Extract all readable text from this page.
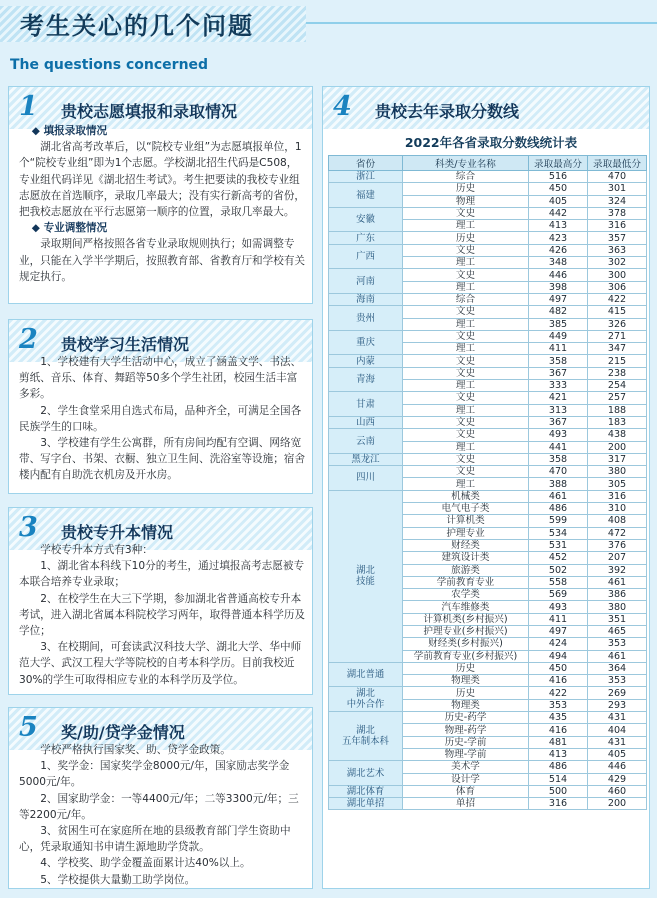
考生关心的几个问题
The questions concerned
1 贵校志愿填报和录取情况

◆ 填报录取情况

湖北省高考改革后，以“院校专业组”为志愿填报单位，1个“院校专业组”即为1个志愿。学校湖北招生代码是C508，专业组代码详见《湖北招生考试》。考生把要读的我校专业组志愿放在首选顺序，录取几率最大；没有实行新高考的省份，把我校志愿放在平行志愿第一顺序的位置，录取几率最大。

◆ 专业调整情况

录取期间严格按照各省专业录取规则执行；如需调整专业，只能在入学半学期后，按照教育部、省教育厅和学校有关规定执行。

2 贵校学习生活情况

1、学校建有大学生活动中心，成立了涵盖文学、书法、剪纸、音乐、体育、舞蹈等50多个学生社团，校园生活丰富多彩。

2、学生食堂采用自选式布局，品种齐全，可满足全国各民族学生的口味。

3、学校建有学生公寓群，所有房间均配有空调、网络宽带、写字台、书架、衣橱、独立卫生间、洗浴室等设施；宿舍楼内配有自助洗衣机房及开水房。

3 贵校专升本情况

学校专升本方式有3种：

1、湖北省本科线下10分的考生，通过填报高考志愿被专本联合培养专业录取；

2、在校学生在大三下学期，参加湖北省普通高校专升本考试，进入湖北省属本科院校学习两年，取得普通本科学历及学位；

3、在校期间，可套读武汉科技大学、湖北大学、华中师范大学、武汉工程大学等院校的自考本科学历。目前我校近30%的学生可取得相应专业的本科学历及学位。

5 奖/助/贷学金情况

学校严格执行国家奖、助、贷学金政策。

1、奖学金：国家奖学金8000元/年，国家励志奖学金5000元/年。

2、国家助学金：一等4400元/年；二等3300元/年；三等2200元/年。

3、贫困生可在家庭所在地的县级教育部门学生资助中心，凭录取通知书申请生源地助学贷款。

4、学校奖、助学金覆盖面累计达40%以上。

5、学校提供大量勤工助学岗位。

4 贵校去年录取分数线
2022年各省录取分数线统计表
省份	科类/专业名称	录取最高分	录取最低分
浙江	综合	516	470
福建	历史	450	301
	物理	405	324
安徽	文史	442	378
	理工	413	316
广东	历史	423	357
广西	文史	426	363
	理工	348	302
河南	文史	446	300
	理工	398	306
海南	综合	497	422
贵州	文史	482	415
	理工	385	326
重庆	文史	449	271
	理工	411	347
内蒙	文史	358	215
青海	文史	367	238
	理工	333	254
甘肃	文史	421	257
	理工	313	188
山西	文史	367	183
云南	文史	493	438
	理工	441	200
黑龙江	文史	358	317
四川	文史	470	380
	理工	388	305
湖北
技能	机械类	461	316
	电气电子类	486	310
	计算机类	599	408
	护理专业	534	472
	财经类	531	376
	建筑设计类	452	207
	旅游类	502	392
	学前教育专业	558	461
	农学类	569	386
	汽车维修类	493	380
	计算机类(乡村振兴)	411	351
	护理专业(乡村振兴)	497	465
	财经类(乡村振兴)	424	353
	学前教育专业(乡村振兴)	494	461
湖北普通	历史	450	364
	物理类	416	353
湖北
中外合作	历史	422	269
	物理类	353	293
湖北
五年制本科	历史-药学	435	431
	物理-药学	416	404
	历史-学前	481	431
	物理-学前	413	405
湖北艺术	美术学	486	446
	设计学	514	429
湖北体育	体育	500	460
湖北单招	单招	316	200
